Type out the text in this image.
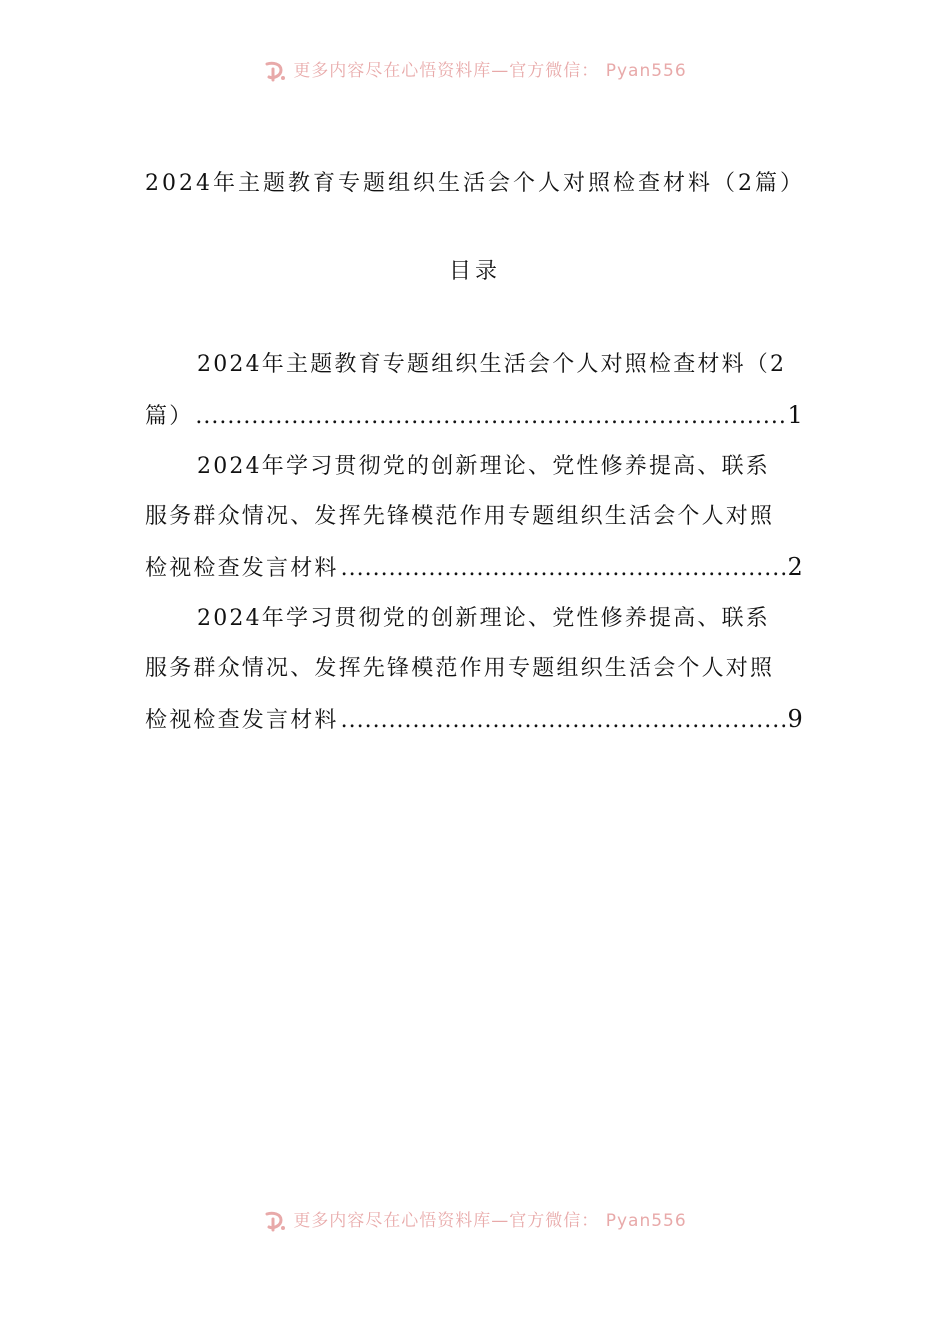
更多内容尽在心悟资料库—官方微信： Pyan556
2024年主题教育专题组织生活会个人对照检查材料（2篇）
目录
2024年主题教育专题组织生活会个人对照检查材料（2
篇） .....	1
2024年学习贯彻党的创新理论、党性修养提高、联系
服务群众情况、发挥先锋模范作用专题组织生活会个人对照
检视检查发言材料 .....	2
2024年学习贯彻党的创新理论、党性修养提高、联系
服务群众情况、发挥先锋模范作用专题组织生活会个人对照
检视检查发言材料 .....	9
更多内容尽在心悟资料库—官方微信： Pyan556
